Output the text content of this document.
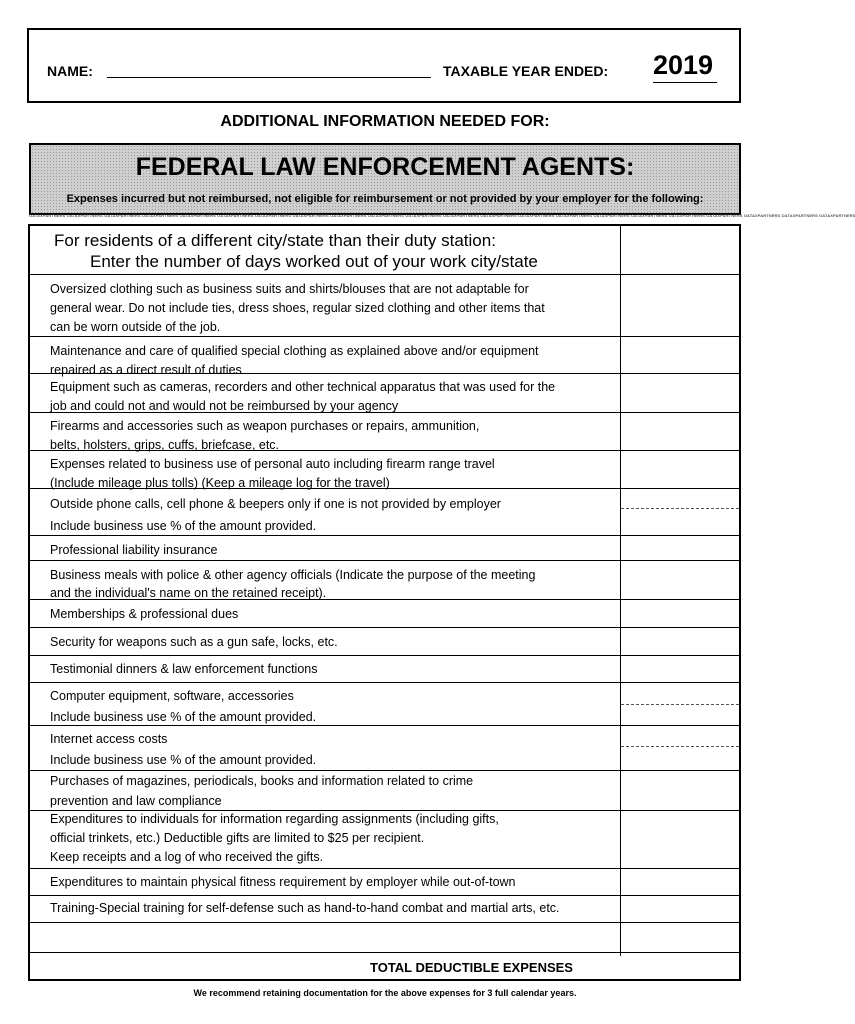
NAME:	TAXABLE YEAR ENDED: 2019
ADDITIONAL INFORMATION NEEDED FOR:
FEDERAL LAW ENFORCEMENT AGENTS:
Expenses incurred but not reimbursed, not eligible for reimbursement or not provided by your employer for the following:
OATAXPARTNERS OATAXPARTNERS OATAXPARTNERS OATAXPARTNERS OATAXPARTNERS OATAXPARTNERS OATAXPARTNERS OATAXPARTNERS OATAXPARTNERS OATAXPARTNERS OATAXPARTNERS OATAXPARTNERS OATAXPARTNERS OATAXPARTNERS OATAXPARTNERS OATAXPARTNERS OATAXPARTNERS OATAXPARTNERS OATAXPARTNERS OATAXPARTNERS OATAXPARTNERS OATAXPARTNERS
For residents of a different city/state than their duty station:
Enter the number of days worked out of your work city/state
TOTAL DEDUCTIBLE EXPENSES
Oversized clothing such as business suits and shirts/blouses that are not adaptable for
general wear. Do not include ties, dress shoes, regular sized clothing and other items that
can be worn outside of the job.
Maintenance and care of qualified special clothing as explained above and/or equipment
repaired as a direct result of duties
Equipment such as cameras, recorders and other technical apparatus that was used for the
job and could not and would not be reimbursed by your agency
Firearms and accessories such as weapon purchases or repairs, ammunition,
belts, holsters, grips, cuffs, briefcase, etc.
Expenses related to business use of personal auto including firearm range travel
(Include mileage plus tolls) (Keep a mileage log for the travel)
Outside phone calls, cell phone & beepers only if one is not provided by employer
Include business use % of the amount provided.
Professional liability insurance
Business meals with police & other agency officials (Indicate the purpose of the meeting
and the individual's name on the retained receipt).
Memberships & professional dues
Security for weapons such as a gun safe, locks, etc.
Testimonial dinners & law enforcement functions
Computer equipment, software, accessories
Include business use % of the amount provided.
Internet access costs
Include business use % of the amount provided.
Purchases of magazines, periodicals, books and information related to crime
prevention and law compliance
Expenditures to individuals for information regarding assignments (including gifts,
official trinkets, etc.) Deductible gifts are limited to $25 per recipient.
Keep receipts and a log of who received the gifts.
Expenditures to maintain physical fitness requirement by employer while out-of-town
Training-Special training for self-defense such as hand-to-hand combat and martial arts, etc.
We recommend retaining documentation for the above expenses for 3 full calendar years.
